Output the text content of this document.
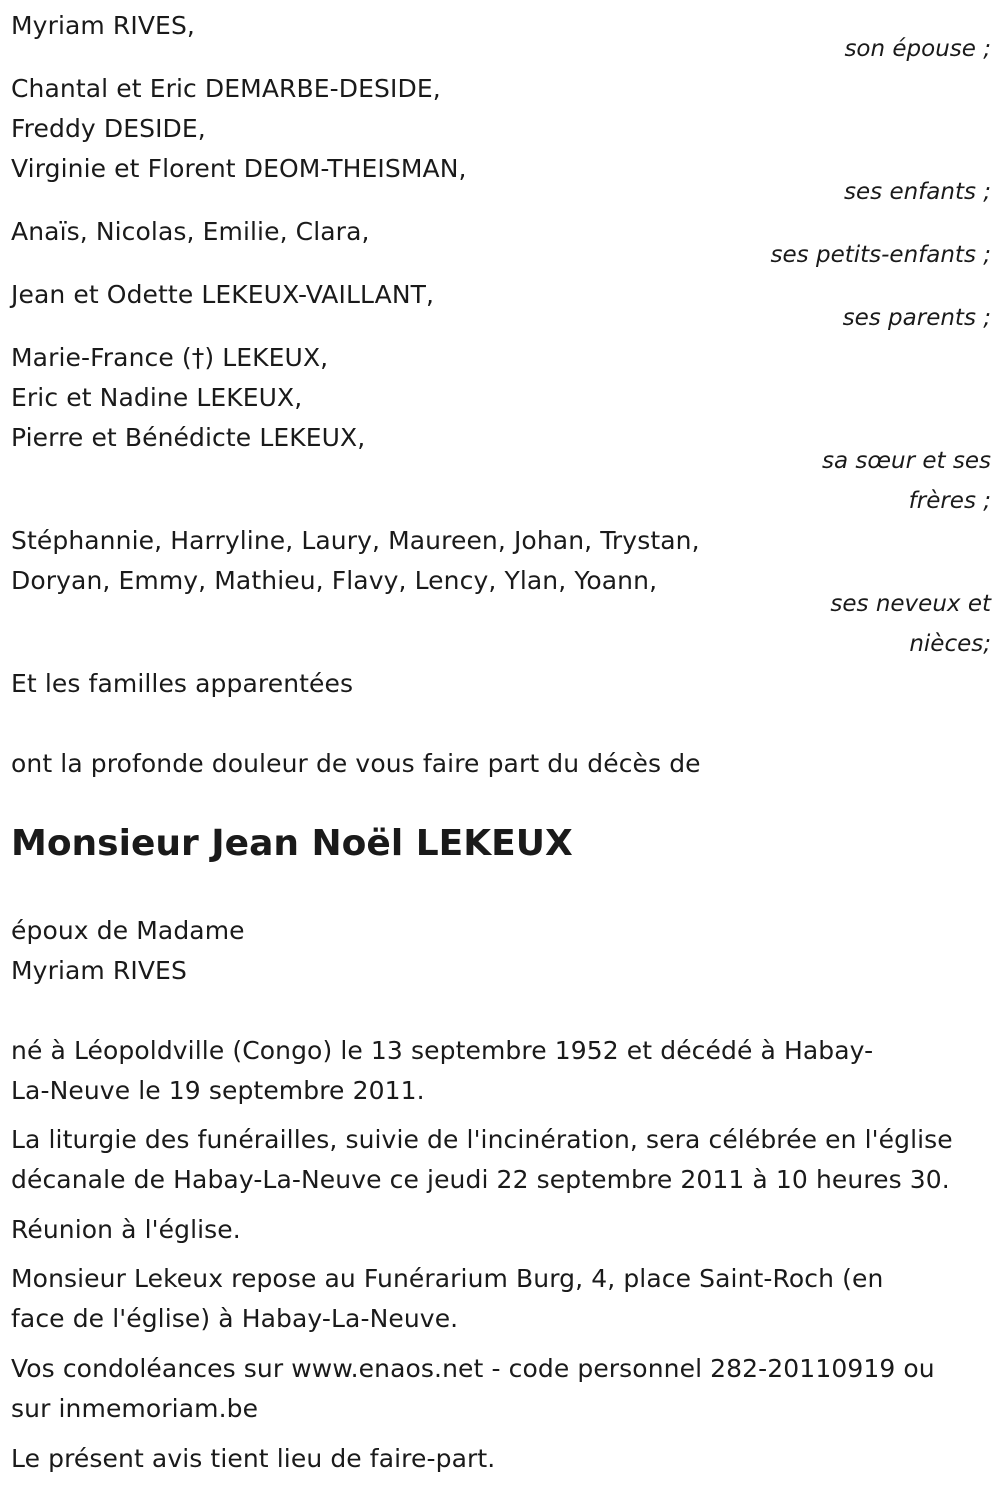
Myriam RIVES,
son épouse ;
Chantal et Eric DEMARBE-DESIDE,
Freddy DESIDE,
Virginie et Florent DEOM-THEISMAN,
ses enfants ;
Anaïs, Nicolas, Emilie, Clara,
ses petits-enfants ;
Jean et Odette LEKEUX-VAILLANT,
ses parents ;
Marie-France (†) LEKEUX,
Eric et Nadine LEKEUX,
Pierre et Bénédicte LEKEUX,
sa sœur et ses
frères ;
Stéphannie, Harryline, Laury, Maureen, Johan, Trystan,
Doryan, Emmy, Mathieu, Flavy, Lency, Ylan, Yoann,
ses neveux et
nièces;
Et les familles apparentées
ont la profonde douleur de vous faire part du décès de
Monsieur Jean Noël LEKEUX
époux de Madame
Myriam RIVES
né à Léopoldville (Congo) le 13 septembre 1952 et décédé à Habay-
La-Neuve le 19 septembre 2011.
La liturgie des funérailles, suivie de l'incinération, sera célébrée en l'église
décanale de Habay-La-Neuve ce jeudi 22 septembre 2011 à 10 heures 30.
Réunion à l'église.
Monsieur Lekeux repose au Funérarium Burg, 4, place Saint-Roch (en
face de l'église) à Habay-La-Neuve.
Vos condoléances sur www.enaos.net - code personnel 282-20110919 ou
sur inmemoriam.be
Le présent avis tient lieu de faire-part.
